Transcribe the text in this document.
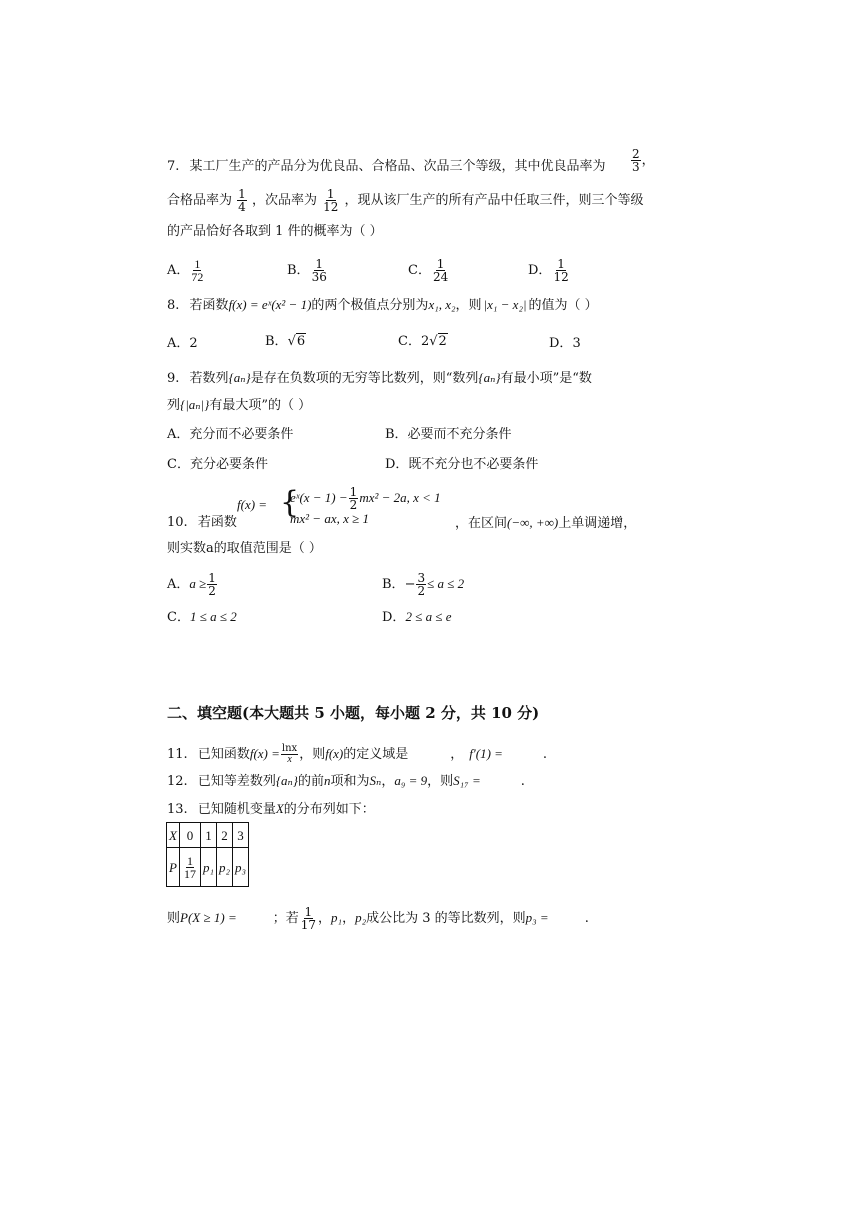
7. 某工厂生产的产品分为优良品、合格品、次品三个等级，其中优良品率为 $\frac{2}{3}$ ，
合格品率为 $\frac{1}{4}$ ，次品率为 $\frac{1}{12}$ ，现从该厂生产的所有产品中任取三件，则三个等级
的产品恰好各取到 1 件的概率为（ ）
A． $\frac{1}{72}$	B． $\frac{1}{36}$	C． $\frac{1}{24}$	D． $\frac{1}{12}$
8. 若函数f(x) = eˣ(x² − 1)的两个极值点分别为x₁, x₂，则 |x₁ − x₂| 的值为（ ）
A．2	B．√6	C．2√2	D．3
9. 若数列{aₙ}是存在负数项的无穷等比数列，则“数列{aₙ}有最小项”是“数
列{|aₙ|}有最大项”的（ ）
A．充分而不必要条件	B．必要而不充分条件
C．充分必要条件	D．既不充分也不必要条件
f(x) = {
eˣ(x − $1) - \frac{1}{2} mx^2 - 2a$, x < 1
mx² − ax, x ≥ 1
10. 若函数	，在区间(−∞, +∞)上单调递增，
则实数a的取值范围是（ ）
A．$a \ge \frac{1}{2}$	B．− $\frac{3}{2} \le a \le 2$
C．1 ≤ a ≤ 2	D．2 ≤ a ≤ e
二、填空题(本大题共 5 小题，每小题 2 分，共 10 分)
11. 已知函数$f(x) = \frac{\ln x}{x}$ ，则f(x)的定义域是	， f′(1) =	.
12. 已知等差数列{aₙ}的前n项和为Sₙ，a₉ = 9，则S₁₇ =	.
13. 已知随机变量X的分布列如下：
X	0	1	2	3
P	$\frac{1}{17}$	p₁	p₂	p₃
则P(X ≥ 1) =	；若 $\frac{1}{17}$ ，p₁，p₂成公比为 3 的等比数列，则p₃ =	.
